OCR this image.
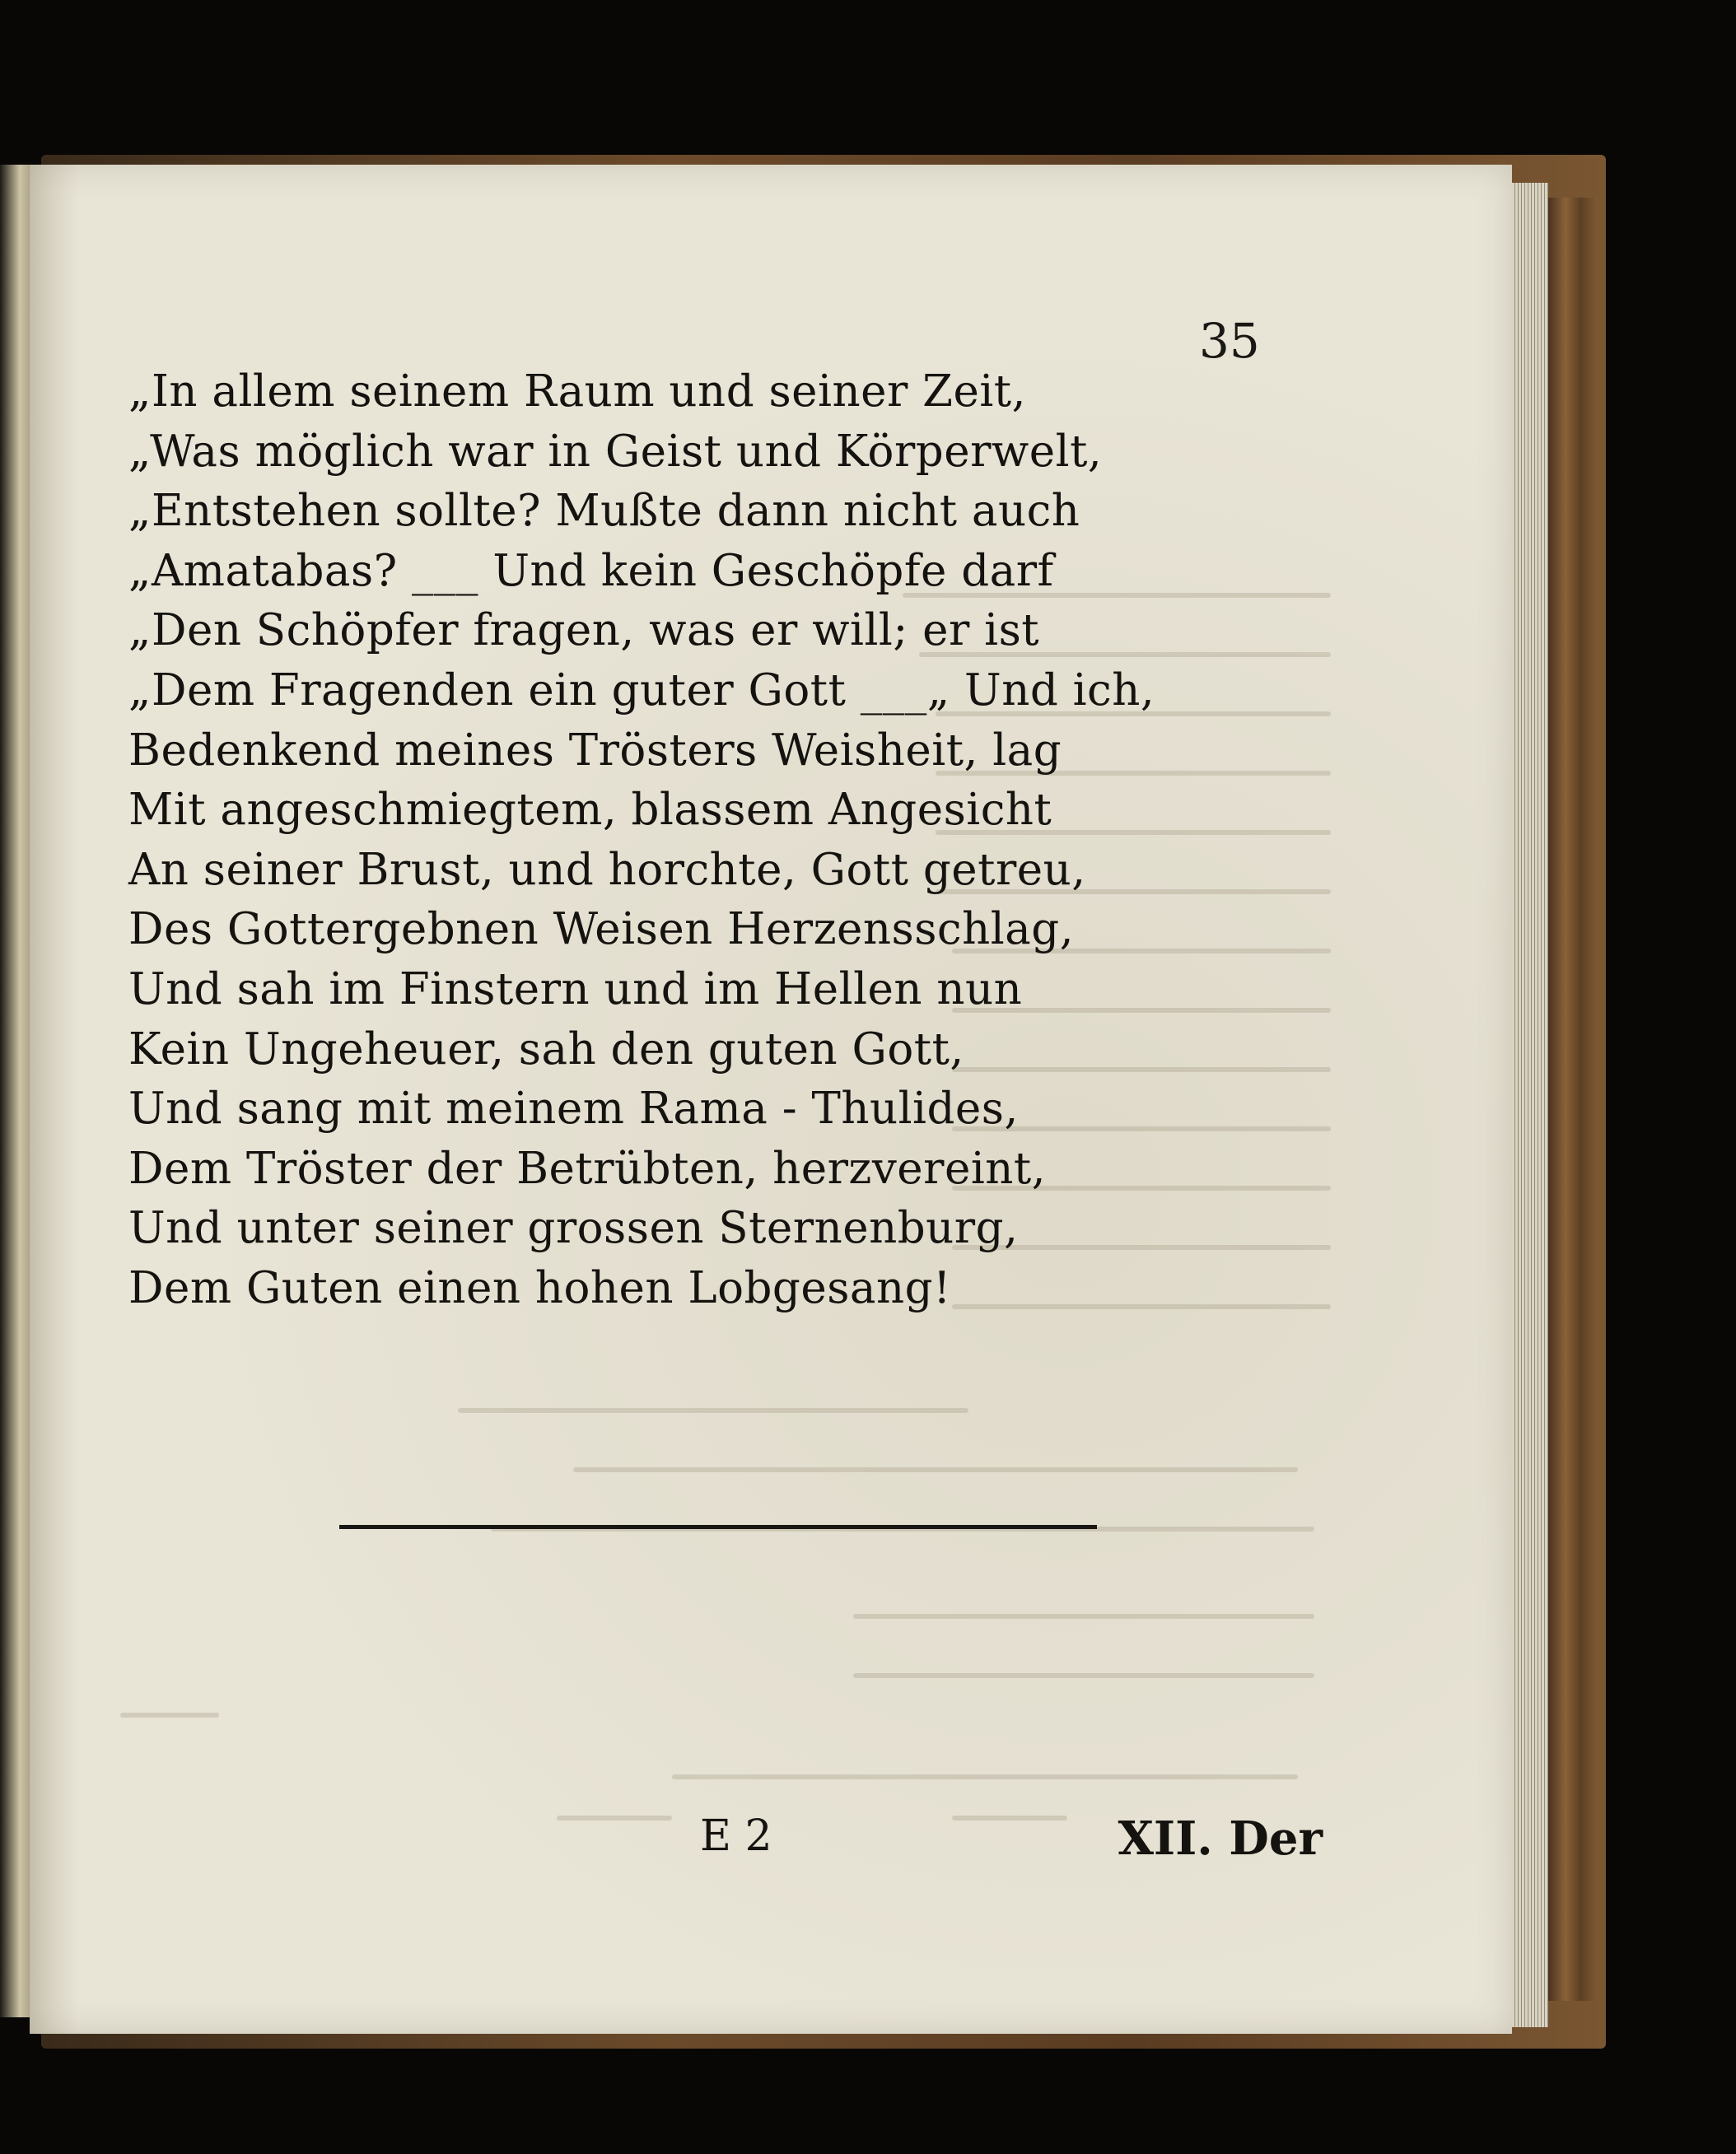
35

„In allem seinem Raum und seiner Zeit,
„Was möglich war in Geist und Körperwelt,
„Entstehen sollte? Mußte dann nicht auch
„Amatabas? ___ Und kein Geschöpfe darf
„Den Schöpfer fragen, was er will; er ist
„Dem Fragenden ein guter Gott ___„ Und ich,
Bedenkend meines Trösters Weisheit, lag
Mit angeschmiegtem, blassem Angesicht
An seiner Brust, und horchte, Gott getreu,
Des Gottergebnen Weisen Herzensschlag,
Und sah im Finstern und im Hellen nun
Kein Ungeheuer, sah den guten Gott,
Und sang mit meinem Rama - Thulides,
Dem Tröster der Betrübten, herzvereint,
Und unter seiner grossen Sternenburg,
Dem Guten einen hohen Lobgesang!

E 2	XII. Der
